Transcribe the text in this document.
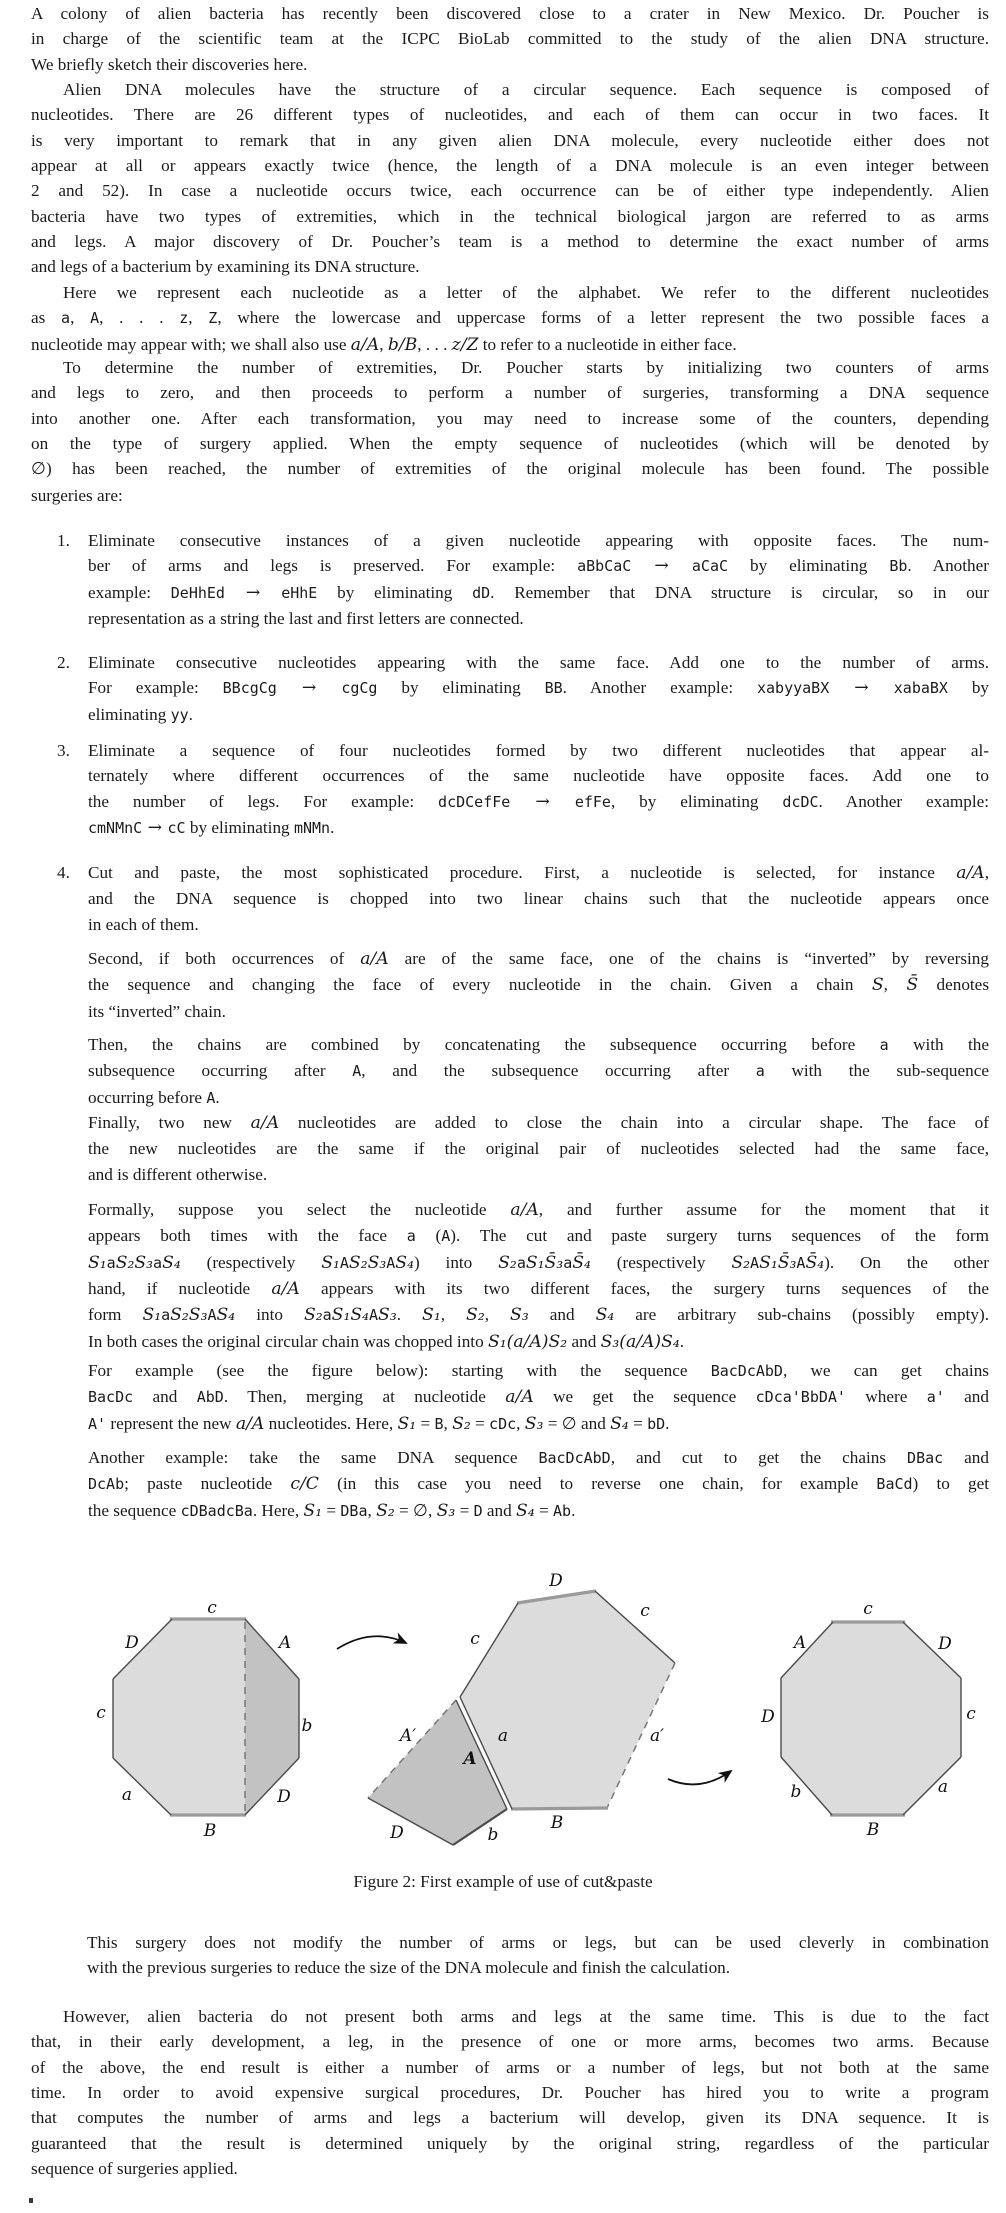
A colony of alien bacteria has recently been discovered close to a crater in New Mexico. Dr. Poucher is
in charge of the scientific team at the ICPC BioLab committed to the study of the alien DNA structure.
We briefly sketch their discoveries here.
Alien DNA molecules have the structure of a circular sequence. Each sequence is composed of
nucleotides. There are 26 different types of nucleotides, and each of them can occur in two faces. It
is very important to remark that in any given alien DNA molecule, every nucleotide either does not
appear at all or appears exactly twice (hence, the length of a DNA molecule is an even integer between
2 and 52). In case a nucleotide occurs twice, each occurrence can be of either type independently. Alien
bacteria have two types of extremities, which in the technical biological jargon are referred to as arms
and legs. A major discovery of Dr. Poucher’s team is a method to determine the exact number of arms
and legs of a bacterium by examining its DNA structure.
Here we represent each nucleotide as a letter of the alphabet. We refer to the different nucleotides
as a, A, . . . z, Z, where the lowercase and uppercase forms of a letter represent the two possible faces a
nucleotide may appear with; we shall also use a/A, b/B, . . . z/Z to refer to a nucleotide in either face.
To determine the number of extremities, Dr. Poucher starts by initializing two counters of arms
and legs to zero, and then proceeds to perform a number of surgeries, transforming a DNA sequence
into another one. After each transformation, you may need to increase some of the counters, depending
on the type of surgery applied. When the empty sequence of nucleotides (which will be denoted by
∅) has been reached, the number of extremities of the original molecule has been found. The possible
surgeries are:
1. Eliminate consecutive instances of a given nucleotide appearing with opposite faces. The num-
ber of arms and legs is preserved. For example: aBbCaC → aCaC by eliminating Bb. Another
example: DeHhEd → eHhE by eliminating dD. Remember that DNA structure is circular, so in our
representation as a string the last and first letters are connected.
2. Eliminate consecutive nucleotides appearing with the same face. Add one to the number of arms.
For example: BBcgCg → cgCg by eliminating BB. Another example: xabyyaBX → xabaBX by
eliminating yy.
3. Eliminate a sequence of four nucleotides formed by two different nucleotides that appear al-
ternately where different occurrences of the same nucleotide have opposite faces. Add one to
the number of legs. For example: dcDCefFe → efFe, by eliminating dcDC. Another example:
cmNMnC → cC by eliminating mNMn.
4. Cut and paste, the most sophisticated procedure. First, a nucleotide is selected, for instance a/A,
and the DNA sequence is chopped into two linear chains such that the nucleotide appears once
in each of them.
Second, if both occurrences of a/A are of the same face, one of the chains is “inverted” by reversing
the sequence and changing the face of every nucleotide in the chain. Given a chain S, S̄ denotes
its “inverted” chain.
Then, the chains are combined by concatenating the subsequence occurring before a with the
subsequence occurring after A, and the subsequence occurring after a with the sub-sequence
occurring before A.
Finally, two new a/A nucleotides are added to close the chain into a circular shape. The face of
the new nucleotides are the same if the original pair of nucleotides selected had the same face,
and is different otherwise.
Formally, suppose you select the nucleotide a/A, and further assume for the moment that it
appears both times with the face a (A). The cut and paste surgery turns sequences of the form
S₁aS₂S₃aS₄ (respectively S₁AS₂S₃AS₄) into S₂aS₁S̄₃aS̄₄ (respectively S₂AS₁S̄₃AS̄₄). On the other
hand, if nucleotide a/A appears with its two different faces, the surgery turns sequences of the
form S₁aS₂S₃AS₄ into S₂aS₁S₄AS₃. S₁, S₂, S₃ and S₄ are arbitrary sub-chains (possibly empty).
In both cases the original circular chain was chopped into S₁(a/A)S₂ and S₃(a/A)S₄.
For example (see the figure below): starting with the sequence BacDcAbD, we can get chains
BacDc and AbD. Then, merging at nucleotide a/A we get the sequence cDca'BbDA' where a' and
A' represent the new a/A nucleotides. Here, S₁ = B, S₂ = cDc, S₃ = ∅ and S₄ = bD.
Another example: take the same DNA sequence BacDcAbD, and cut to get the chains DBac and
DcAb; paste nucleotide c/C (in this case you need to reverse one chain, for example BaCd) to get
the sequence cDBadcBa. Here, S₁ = DBa, S₂ = ∅, S₃ = D and S₄ = Ab.
c
D	A
c
b
a	D
B
D
c
c
A′	a
A
a′
B
D	b
c
A	D
D	c
b	a
B
Figure 2: First example of use of cut&paste
This surgery does not modify the number of arms or legs, but can be used cleverly in combination
with the previous surgeries to reduce the size of the DNA molecule and finish the calculation.
However, alien bacteria do not present both arms and legs at the same time. This is due to the fact
that, in their early development, a leg, in the presence of one or more arms, becomes two arms. Because
of the above, the end result is either a number of arms or a number of legs, but not both at the same
time. In order to avoid expensive surgical procedures, Dr. Poucher has hired you to write a program
that computes the number of arms and legs a bacterium will develop, given its DNA sequence. It is
guaranteed that the result is determined uniquely by the original string, regardless of the particular
sequence of surgeries applied.
